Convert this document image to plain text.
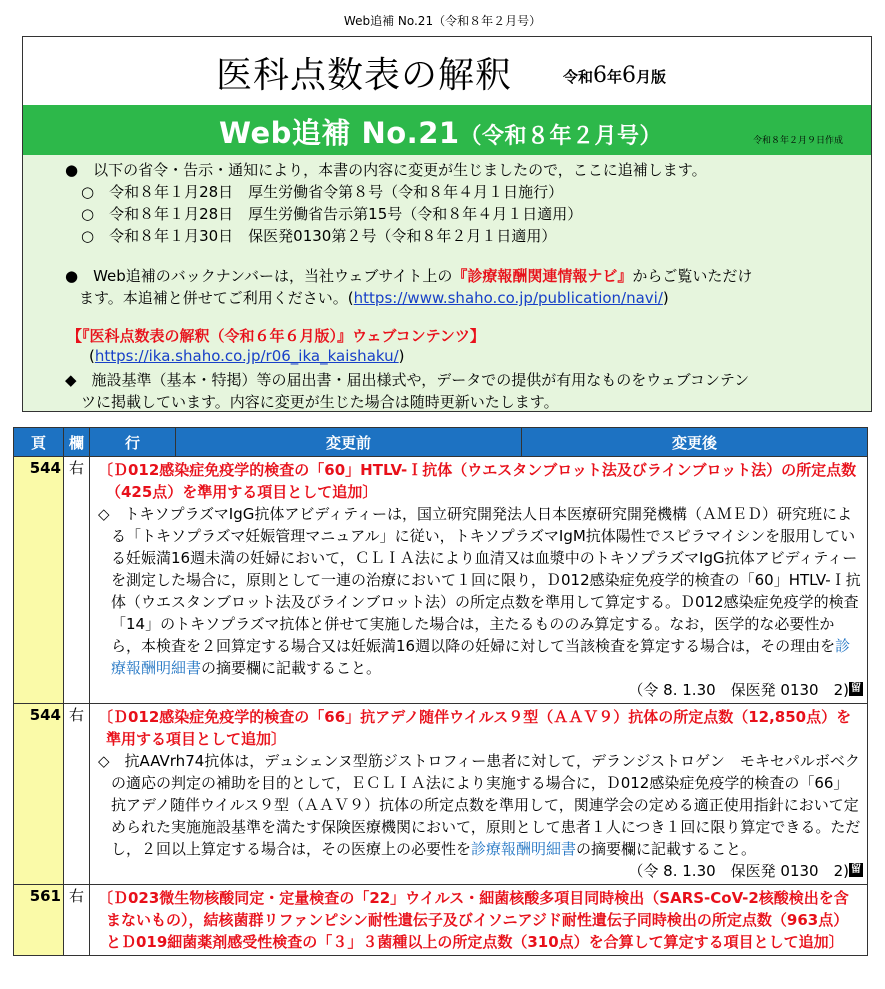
Web追補 No.21（令和８年２月号）
医科点数表の解釈	令和6年6月版
Web追補 No.21（令和８年２月号）	令和８年２月９日作成
●　以下の省令・告示・通知により，本書の内容に変更が生じましたので，ここに追補します。
○　令和８年１月28日　厚生労働省令第８号（令和８年４月１日施行）
○　令和８年１月28日　厚生労働省告示第15号（令和８年４月１日適用）
○　令和８年１月30日　保医発0130第２号（令和８年２月１日適用）
●　Web追補のバックナンバーは，当社ウェブサイト上の『診療報酬関連情報ナビ』からご覧いただけ
ます。本追補と併せてご利用ください。(https://www.shaho.co.jp/publication/navi/)
【『医科点数表の解釈（令和６年６月版）』ウェブコンテンツ】
(https://ika.shaho.co.jp/r06_ika_kaishaku/)
◆　施設基準（基本・特掲）等の届出書・届出様式や，データでの提供が有用なものをウェブコンテン
ツに掲載しています。内容に変更が生じた場合は随時更新いたします。
頁	欄	行	変更前	変更後
544	右	〔Ｄ012感染症免疫学的検査の「60」HTLV-Ｉ抗体（ウエスタンブロット法及びラインブロット法）の所定点数（425点）を準用する項目として追加〕
◇　トキソプラズマIgG抗体アビディティーは，国立研究開発法人日本医療研究開発機構（ＡＭＥＤ）研究班による「トキソプラズマ妊娠管理マニュアル」に従い，トキソプラズマIgM抗体陽性でスピラマイシンを服用している妊娠満16週未満の妊婦において，ＣＬＩＡ法により血清又は血漿中のトキソプラズマIgG抗体アビディティーを測定した場合に，原則として一連の治療において１回に限り，Ｄ012感染症免疫学的検査の「60」HTLV-Ｉ抗体（ウエスタンブロット法及びラインブロット法）の所定点数を準用して算定する。Ｄ012感染症免疫学的検査「14」のトキソプラズマ抗体と併せて実施した場合は，主たるもののみ算定する。なお，医学的な必要性から，本検査を２回算定する場合又は妊娠満16週以降の妊婦に対して当該検査を算定する場合は，その理由を診療報酬明細書の摘要欄に記載すること。
（令 8. 1.30　保医発 0130　2) 留		

544	右	〔Ｄ012感染症免疫学的検査の「66」抗アデノ随伴ウイルス９型（ＡＡＶ９）抗体の所定点数（12,850点）を準用する項目として追加〕
◇　抗AAVrh74抗体は，デュシェンヌ型筋ジストロフィー患者に対して，デランジストロゲン　モキセパルボベクの適応の判定の補助を目的として，ＥＣＬＩＡ法により実施する場合に，Ｄ012感染症免疫学的検査の「66」抗アデノ随伴ウイルス９型（ＡＡＶ９）抗体の所定点数を準用して，関連学会の定める適正使用指針において定められた実施施設基準を満たす保険医療機関において，原則として患者１人につき１回に限り算定できる。ただし，２回以上算定する場合は，その医療上の必要性を診療報酬明細書の摘要欄に記載すること。
（令 8. 1.30　保医発 0130　2) 留		

561	右	〔Ｄ023微生物核酸同定・定量検査の「22」ウイルス・細菌核酸多項目同時検出（SARS-CoV-2核酸検出を含まないもの），結核菌群リファンピシン耐性遺伝子及びイソニアジド耐性遺伝子同時検出の所定点数（963点）とＤ019細菌薬剤感受性検査の「３」３菌種以上の所定点数（310点）を合算して算定する項目として追加〕		
